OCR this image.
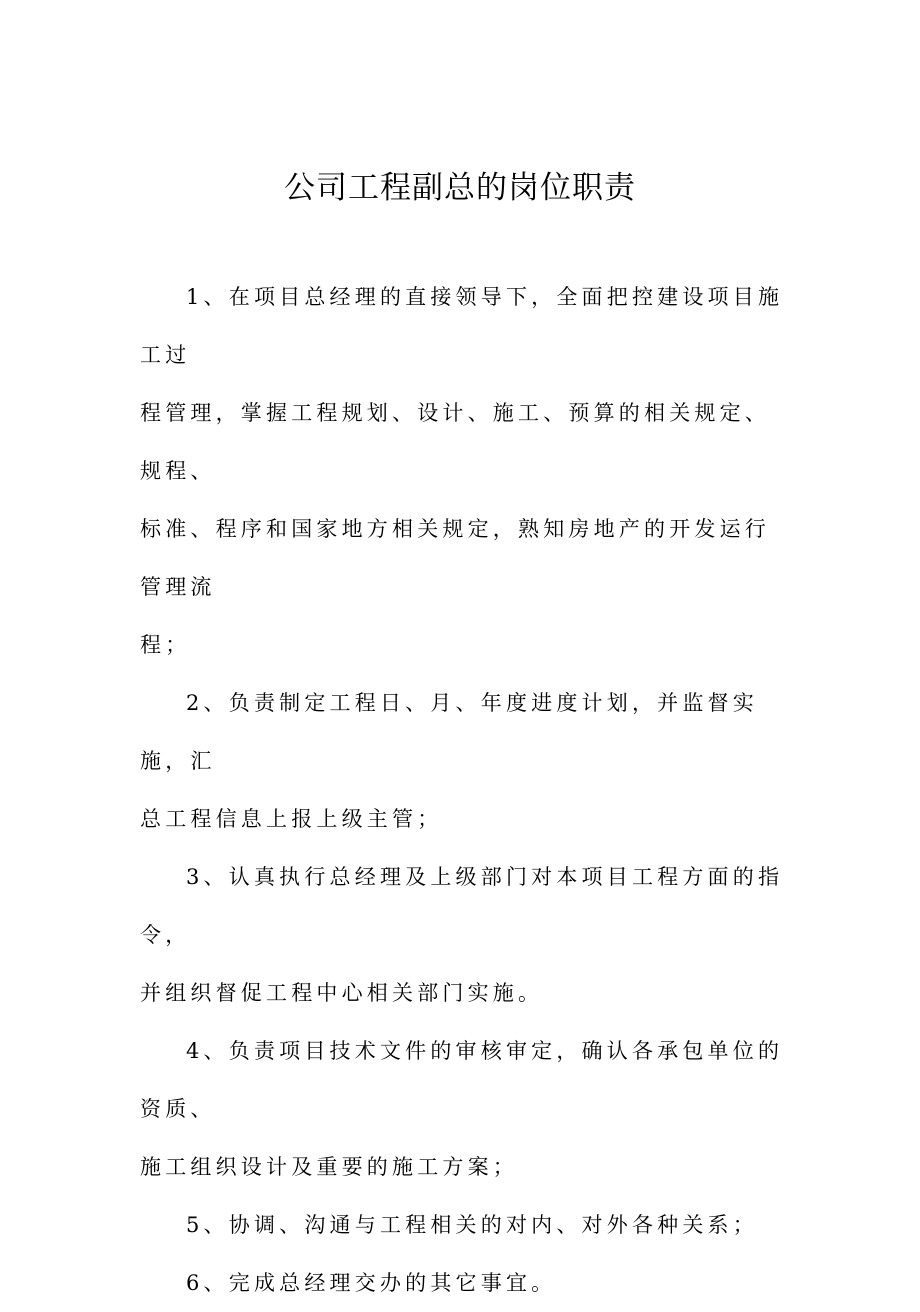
公司工程副总的岗位职责
1、在项目总经理的直接领导下，全面把控建设项目施工过
程管理，掌握工程规划、设计、施工、预算的相关规定、规程、
标准、程序和国家地方相关规定，熟知房地产的开发运行管理流
程；
2、负责制定工程日、月、年度进度计划，并监督实施，汇
总工程信息上报上级主管；
3、认真执行总经理及上级部门对本项目工程方面的指令，
并组织督促工程中心相关部门实施。
4、负责项目技术文件的审核审定，确认各承包单位的资质、
施工组织设计及重要的施工方案；
5、协调、沟通与工程相关的对内、对外各种关系；
6、完成总经理交办的其它事宜。
